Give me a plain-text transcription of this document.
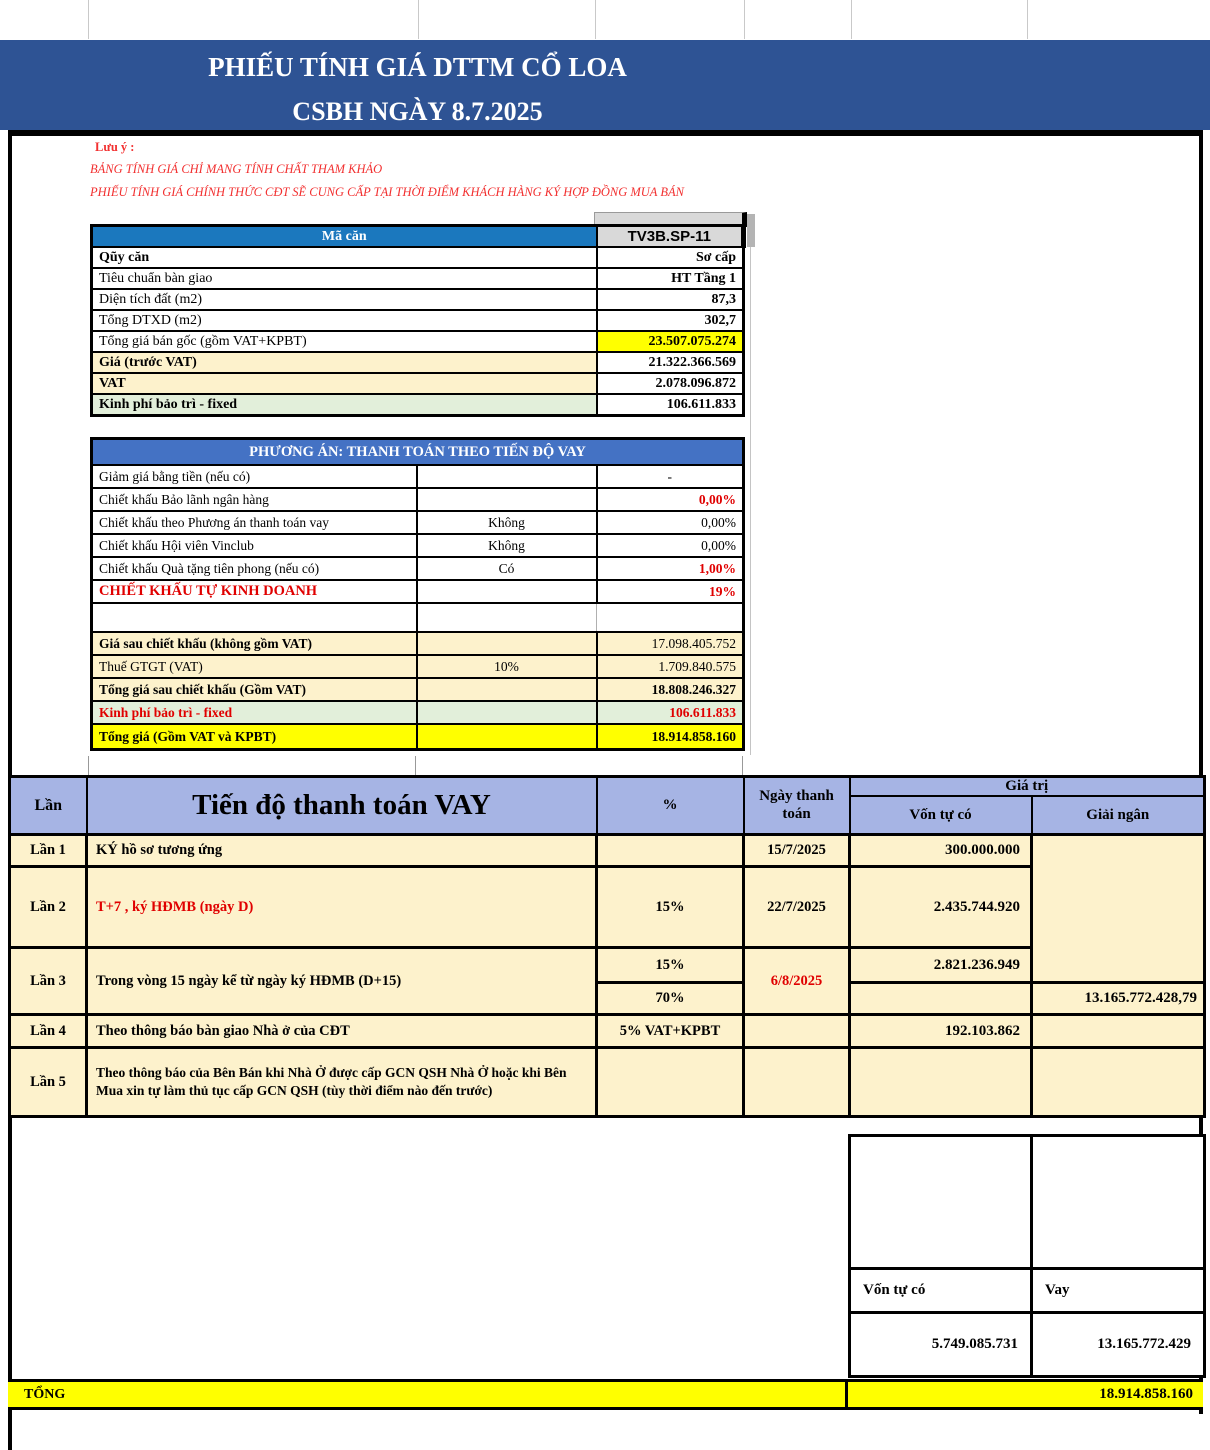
PHIẾU TÍNH GIÁ DTTM CỔ LOA
CSBH NGÀY 8.7.2025
Lưu ý :
BẢNG TÍNH GIÁ CHỈ MANG TÍNH CHẤT THAM KHẢO
PHIẾU TÍNH GIÁ CHÍNH THỨC CĐT SẼ CUNG CẤP TẠI THỜI ĐIỂM KHÁCH HÀNG KÝ HỢP ĐỒNG MUA BÁN
Mã căn	TV3B.SP-11
Qũy căn	Sơ cấp
Tiêu chuẩn bàn giao	HT Tầng 1
Diện tích đất (m2)	87,3
Tổng DTXD (m2)	302,7
Tổng giá bán gốc (gồm VAT+KPBT)	23.507.075.274
Giá (trước VAT)	21.322.366.569
VAT	2.078.096.872
Kinh phí bảo trì - fixed	106.611.833
PHƯƠNG ÁN: THANH TOÁN THEO TIẾN ĐỘ VAY		
Giảm giá bằng tiền (nếu có)		-
Chiết khấu Bảo lãnh ngân hàng		0,00%
Chiết khấu theo Phương án thanh toán vay	Không	0,00%
Chiết khấu Hội viên Vinclub	Không	0,00%
Chiết khấu Quà tặng tiên phong (nếu có)	Có	1,00%
CHIẾT KHẤU TỰ KINH DOANH		19%

Giá sau chiết khấu (không gồm VAT)		17.098.405.752
Thuế GTGT (VAT)	10%	1.709.840.575
Tổng giá sau chiết khấu (Gồm VAT)		18.808.246.327
Kinh phí bảo trì - fixed		106.611.833
Tổng giá (Gồm VAT và KPBT)		18.914.858.160
Lần	Tiến độ thanh toán VAY	%	Ngày thanh toán	Giá trị	
				Vốn tự có	Giải ngân
Lần 1	KÝ hồ sơ tương ứng		15/7/2025	300.000.000	
Lần 2	T+7 , ký HĐMB (ngày D)	15%	22/7/2025	2.435.744.920	
Lần 3	Trong vòng 15 ngày kể từ ngày ký HĐMB (D+15)	15%	6/8/2025	2.821.236.949	
		70%			13.165.772.428,79
Lần 4	Theo thông báo bàn giao Nhà ở của CĐT	5% VAT+KPBT		192.103.862	
Lần 5	Theo thông báo của Bên Bán khi Nhà Ở được cấp GCN QSH Nhà Ở hoặc khi Bên Mua xin tự làm thủ tục cấp GCN QSH (tùy thời điểm nào đến trước)				

Vốn tự có	Vay
5.749.085.731	13.165.772.429
TỔNG	18.914.858.160
